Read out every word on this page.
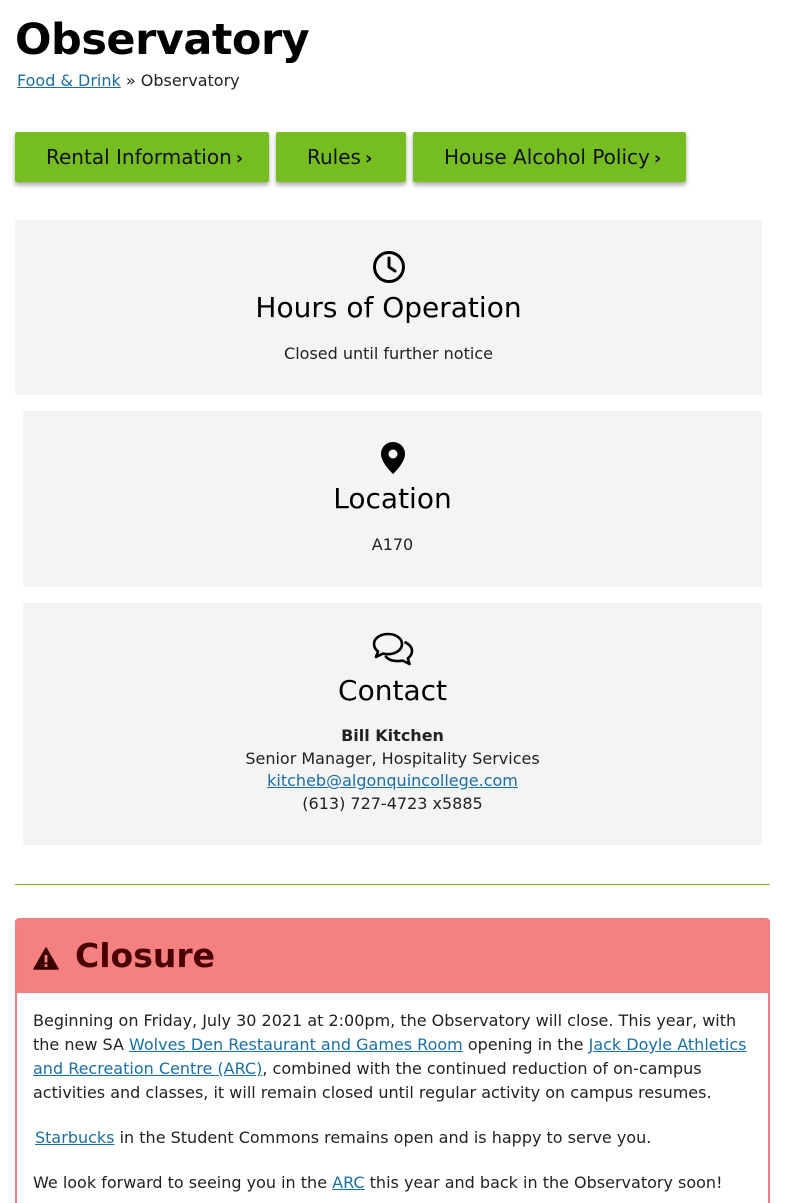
Observatory
Food & Drink » Observatory
Rental Information ›	Rules ›	House Alcohol Policy ›
Hours of Operation
Closed until further notice
Location
A170
Contact
Bill Kitchen
Senior Manager, Hospitality Services
kitcheb@algonquincollege.com
(613) 727-4723 x5885
Closure

Beginning on Friday, July 30 2021 at 2:00pm, the Observatory will close. This year, with the new SA Wolves Den Restaurant and Games Room opening in the Jack Doyle Athletics and Recreation Centre (ARC), combined with the continued reduction of on-campus activities and classes, it will remain closed until regular activity on campus resumes.

Starbucks in the Student Commons remains open and is happy to serve you.

We look forward to seeing you in the ARC this year and back in the Observatory soon!
